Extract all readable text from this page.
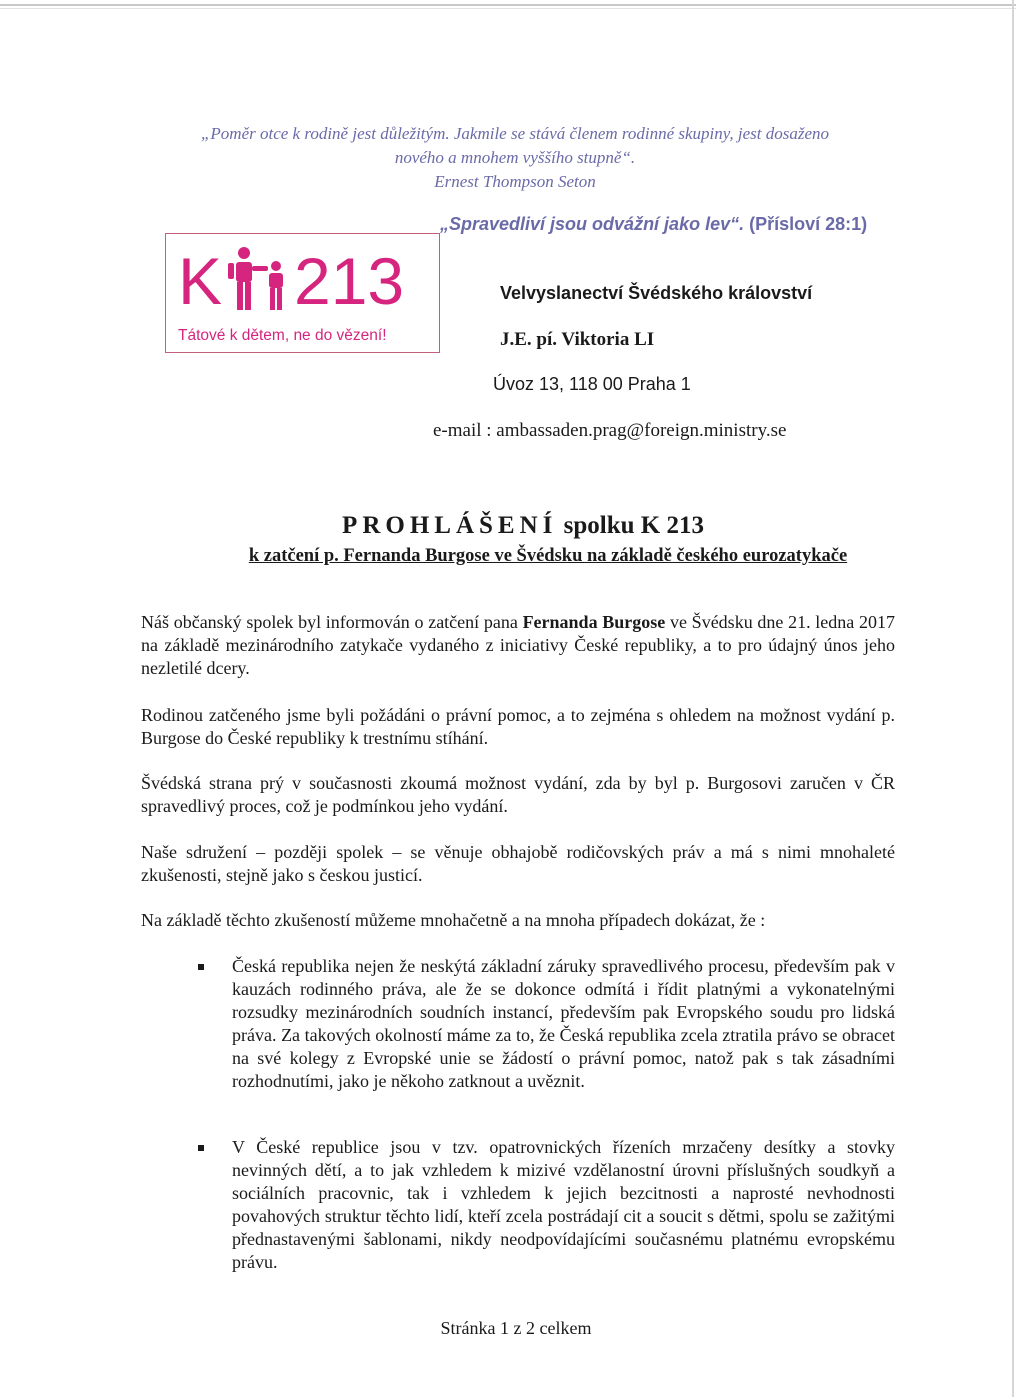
„Poměr otce k rodině jest důležitým. Jakmile se stává členem rodinné skupiny, jest dosaženo
nového a mnohem vyššího stupně“.
Ernest Thompson Seton
K 213
Tátové k dětem, ne do vězení!
„Spravedliví jsou odvážní jako lev“. (Přísloví 28:1)
Velvyslanectví Švédského království
J.E. pí. Viktoria LI
Úvoz 13, 118 00 Praha 1
e-mail : ambassaden.prag@foreign.ministry.se
PROHLÁŠENÍ spolku K 213
k zatčení p. Fernanda Burgose ve Švédsku na základě českého eurozatykače
Náš občanský spolek byl informován o zatčení pana Fernanda Burgose ve Švédsku dne 21. ledna 2017 na základě mezinárodního zatykače vydaného z iniciativy České republiky, a to pro údajný únos jeho nezletilé dcery.
Rodinou zatčeného jsme byli požádáni o právní pomoc, a to zejména s ohledem na možnost vydání p. Burgose do České republiky k trestnímu stíhání.
Švédská strana prý v současnosti zkoumá možnost vydání, zda by byl p. Burgosovi zaručen v ČR spravedlivý proces, což je podmínkou jeho vydání.
Naše sdružení – později spolek – se věnuje obhajobě rodičovských práv a má s nimi mnohaleté zkušenosti, stejně jako s českou justicí.
Na základě těchto zkušeností můžeme mnohačetně a na mnoha případech dokázat, že :
Česká republika nejen že neskýtá základní záruky spravedlivého procesu, především pak v kauzách rodinného práva, ale že se dokonce odmítá i řídit platnými a vykonatelnými rozsudky mezinárodních soudních instancí, především pak Evropského soudu pro lidská práva. Za takových okolností máme za to, že Česká republika zcela ztratila právo se obracet na své kolegy z Evropské unie se žádostí o právní pomoc, natož pak s tak zásadními rozhodnutími, jako je někoho zatknout a uvěznit.
V České republice jsou v tzv. opatrovnických řízeních mrzačeny desítky a stovky nevinných dětí, a to jak vzhledem k mizivé vzdělanostní úrovni příslušných soudkyň a sociálních pracovnic, tak i vzhledem k jejich bezcitnosti a naprosté nevhodnosti povahových struktur těchto lidí, kteří zcela postrádají cit a soucit s dětmi, spolu se zažitými přednastavenými šablonami, nikdy neodpovídajícími současnému platnému evropskému právu.
Stránka 1 z 2 celkem
